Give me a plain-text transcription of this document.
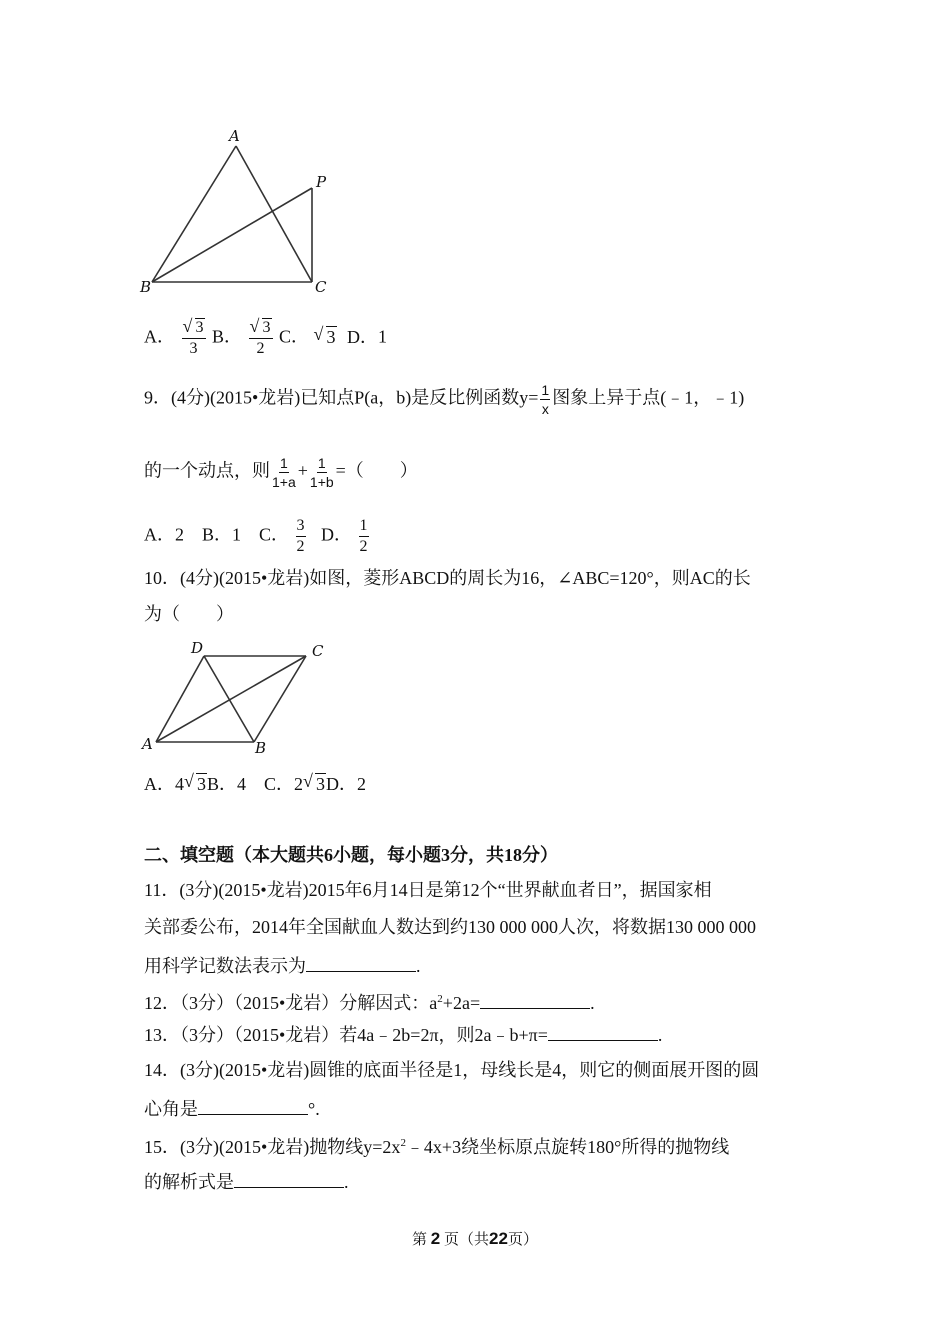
A
P
B	C
A． $\frac{√ 3}{3}$ B． $\frac{√ 3}{2}$ C． √ 3 D．1
9．(4分)(2015•龙岩)已知点P(a，b)是反比例函数$y= \frac{1}{x}$ 图象上异于点(﹣1，﹣1)
的一个动点，则 $\frac{1}{1+a} + \frac{1}{1+b}$ =（　　）
A．2 B．1 C． $\frac{3}{2}$ D． $\frac{1}{2}$
10．(4分)(2015•龙岩)如图，菱形ABCD的周长为16，∠ABC=120°，则AC的长
为（　　）
D	C
A	B
A．4 √ 3B．4 C．2 √ 3D．2
二、填空题（本大题共6小题，每小题3分，共18分）
11．(3分)(2015•龙岩)2015年6月14日是第12个“世界献血者日”，据国家相
关部委公布，2014年全国献血人数达到约130 000 000人次，将数据130 000 000
用科学记数法表示为	.
12．（3分）（2015•龙岩）分解因式：$a^2+2a=$	.
13．（3分）（2015•龙岩）若4a﹣2b=2π，则2a﹣b+π=	.
14．(3分)(2015•龙岩)圆锥的底面半径是1，母线长是4，则它的侧面展开图的圆
心角是	°.
15．(3分)(2015•龙岩)抛物线$y=2x^2﹣4x+3$绕坐标原点旋转180°所得的抛物线
的解析式是	.
第 2 页（共22页）
